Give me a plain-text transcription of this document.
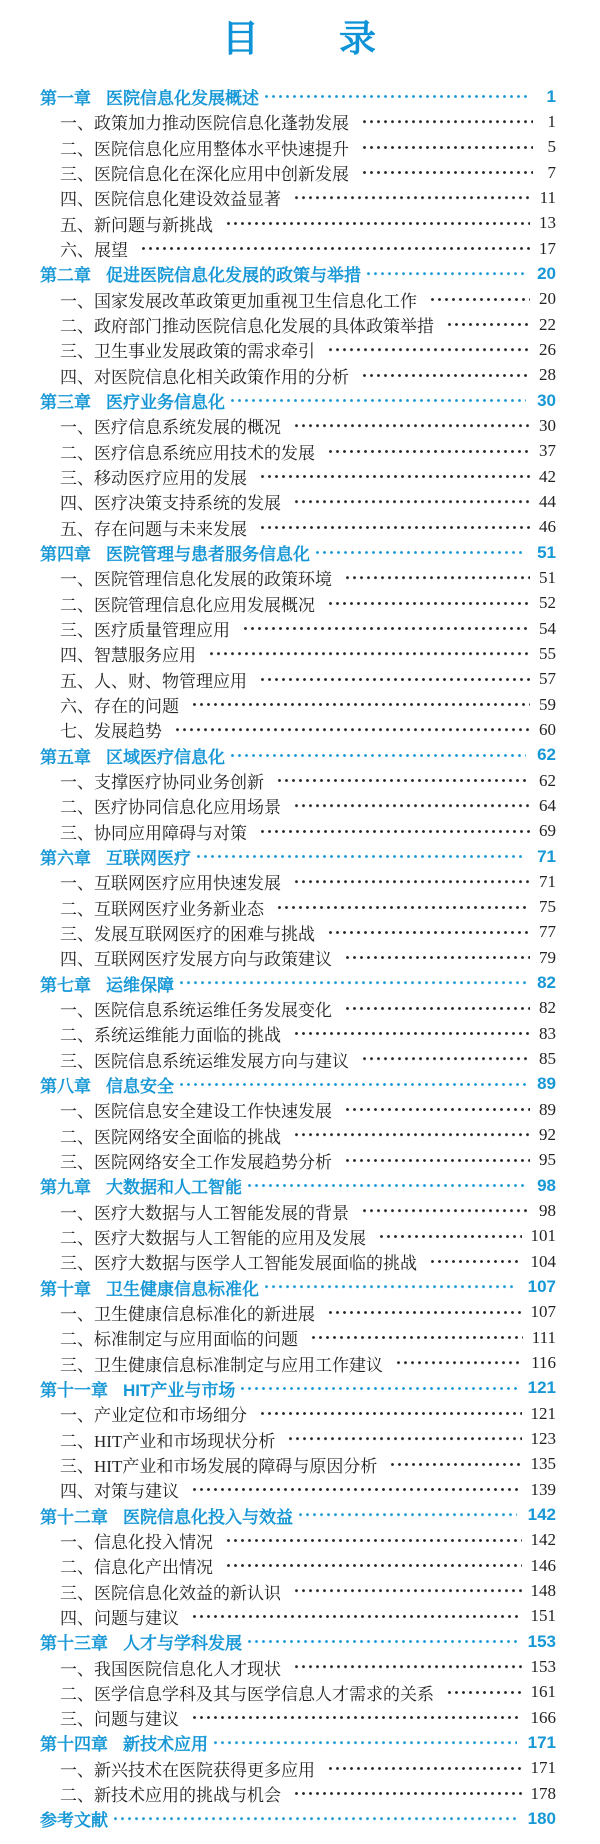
目　　录
第一章 医院信息化发展概述	1
一、政策加力推动医院信息化蓬勃发展	1
二、医院信息化应用整体水平快速提升	5
三、医院信息化在深化应用中创新发展	7
四、医院信息化建设效益显著	11
五、新问题与新挑战	13
六、展望	17
第二章 促进医院信息化发展的政策与举措	20
一、国家发展改革政策更加重视卫生信息化工作	20
二、政府部门推动医院信息化发展的具体政策举措	22
三、卫生事业发展政策的需求牵引	26
四、对医院信息化相关政策作用的分析	28
第三章 医疗业务信息化	30
一、医疗信息系统发展的概况	30
二、医疗信息系统应用技术的发展	37
三、移动医疗应用的发展	42
四、医疗决策支持系统的发展	44
五、存在问题与未来发展	46
第四章 医院管理与患者服务信息化	51
一、医院管理信息化发展的政策环境	51
二、医院管理信息化应用发展概况	52
三、医疗质量管理应用	54
四、智慧服务应用	55
五、人、财、物管理应用	57
六、存在的问题	59
七、发展趋势	60
第五章 区域医疗信息化	62
一、支撑医疗协同业务创新	62
二、医疗协同信息化应用场景	64
三、协同应用障碍与对策	69
第六章 互联网医疗	71
一、互联网医疗应用快速发展	71
二、互联网医疗业务新业态	75
三、发展互联网医疗的困难与挑战	77
四、互联网医疗发展方向与政策建议	79
第七章 运维保障	82
一、医院信息系统运维任务发展变化	82
二、系统运维能力面临的挑战	83
三、医院信息系统运维发展方向与建议	85
第八章 信息安全	89
一、医院信息安全建设工作快速发展	89
二、医院网络安全面临的挑战	92
三、医院网络安全工作发展趋势分析	95
第九章 大数据和人工智能	98
一、医疗大数据与人工智能发展的背景	98
二、医疗大数据与人工智能的应用及发展	101
三、医疗大数据与医学人工智能发展面临的挑战	104
第十章 卫生健康信息标准化	107
一、卫生健康信息标准化的新进展	107
二、标准制定与应用面临的问题	111
三、卫生健康信息标准制定与应用工作建议	116
第十一章 HIT产业与市场	121
一、产业定位和市场细分	121
二、HIT产业和市场现状分析	123
三、HIT产业和市场发展的障碍与原因分析	135
四、对策与建议	139
第十二章 医院信息化投入与效益	142
一、信息化投入情况	142
二、信息化产出情况	146
三、医院信息化效益的新认识	148
四、问题与建议	151
第十三章 人才与学科发展	153
一、我国医院信息化人才现状	153
二、医学信息学科及其与医学信息人才需求的关系	161
三、问题与建议	166
第十四章 新技术应用	171
一、新兴技术在医院获得更多应用	171
二、新技术应用的挑战与机会	178
参考文献	180
